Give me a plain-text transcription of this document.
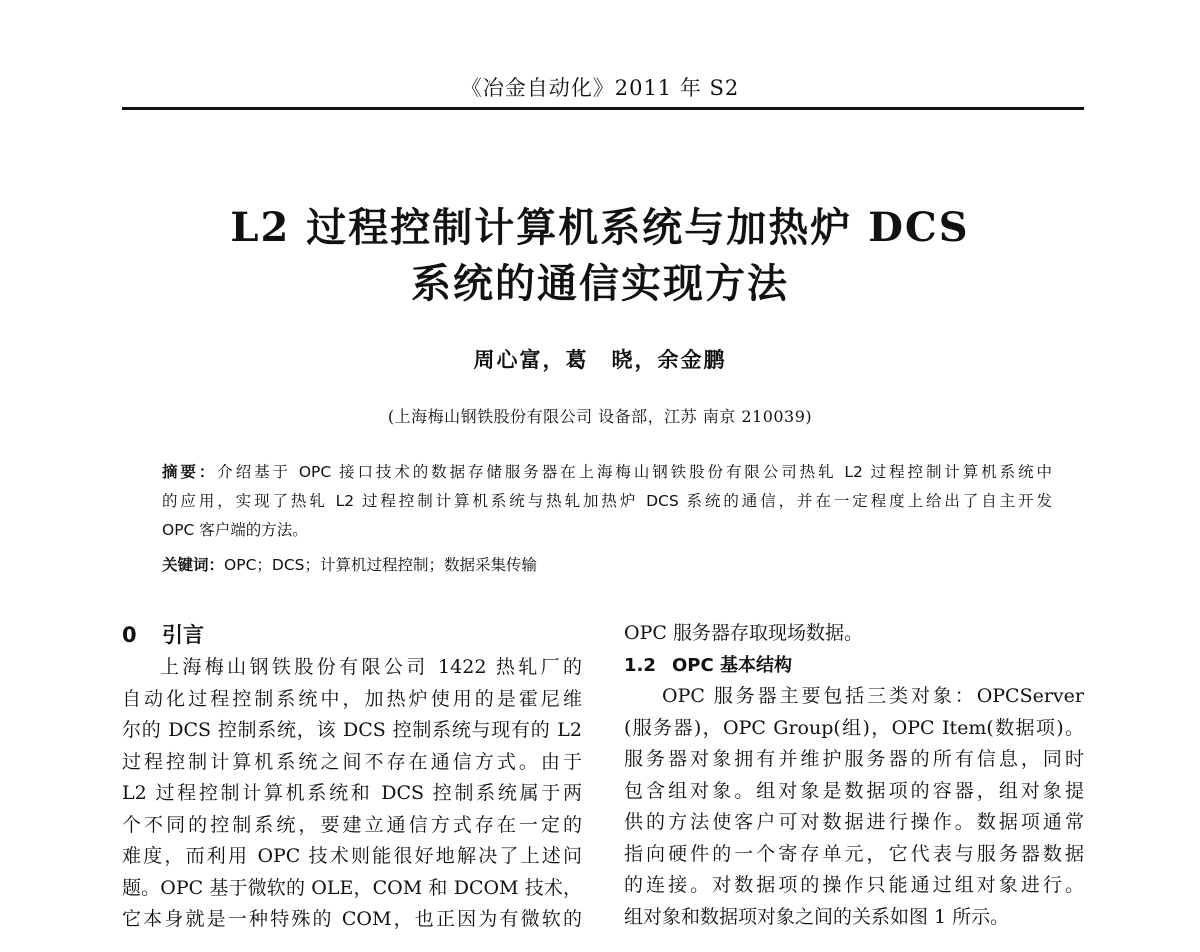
《冶金自动化》2011 年 S2
L2 过程控制计算机系统与加热炉 DCS
系统的通信实现方法
周心富，葛　晓，余金鹏
(上海梅山钢铁股份有限公司 设备部，江苏 南京 210039)

摘要：介绍基于 OPC 接口技术的数据存储服务器在上海梅山钢铁股份有限公司热轧 L2 过程控制计算机系统中

的应用，实现了热轧 L2 过程控制计算机系统与热轧加热炉 DCS 系统的通信，并在一定程度上给出了自主开发

OPC 客户端的方法。

关键词：OPC；DCS；计算机过程控制；数据采集传输
0 引言

上海梅山钢铁股份有限公司 1422 热轧厂的

自动化过程控制系统中，加热炉使用的是霍尼维

尔的 DCS 控制系统，该 DCS 控制系统与现有的 L2

过程控制计算机系统之间不存在通信方式。由于

L2 过程控制计算机系统和 DCS 控制系统属于两

个不同的控制系统，要建立通信方式存在一定的

难度，而利用 OPC 技术则能很好地解决了上述问

题。OPC 基于微软的 OLE，COM 和 DCOM 技术，

它本身就是一种特殊的 COM，也正因为有微软的

OPC 服务器存取现场数据。

1.2 OPC 基本结构

OPC 服务器主要包括三类对象：OPCServer

(服务器)，OPC Group(组)，OPC Item(数据项)。

服务器对象拥有并维护服务器的所有信息，同时

包含组对象。组对象是数据项的容器，组对象提

供的方法使客户可对数据进行操作。数据项通常

指向硬件的一个寄存单元，它代表与服务器数据

的连接。对数据项的操作只能通过组对象进行。

组对象和数据项对象之间的关系如图 1 所示。
